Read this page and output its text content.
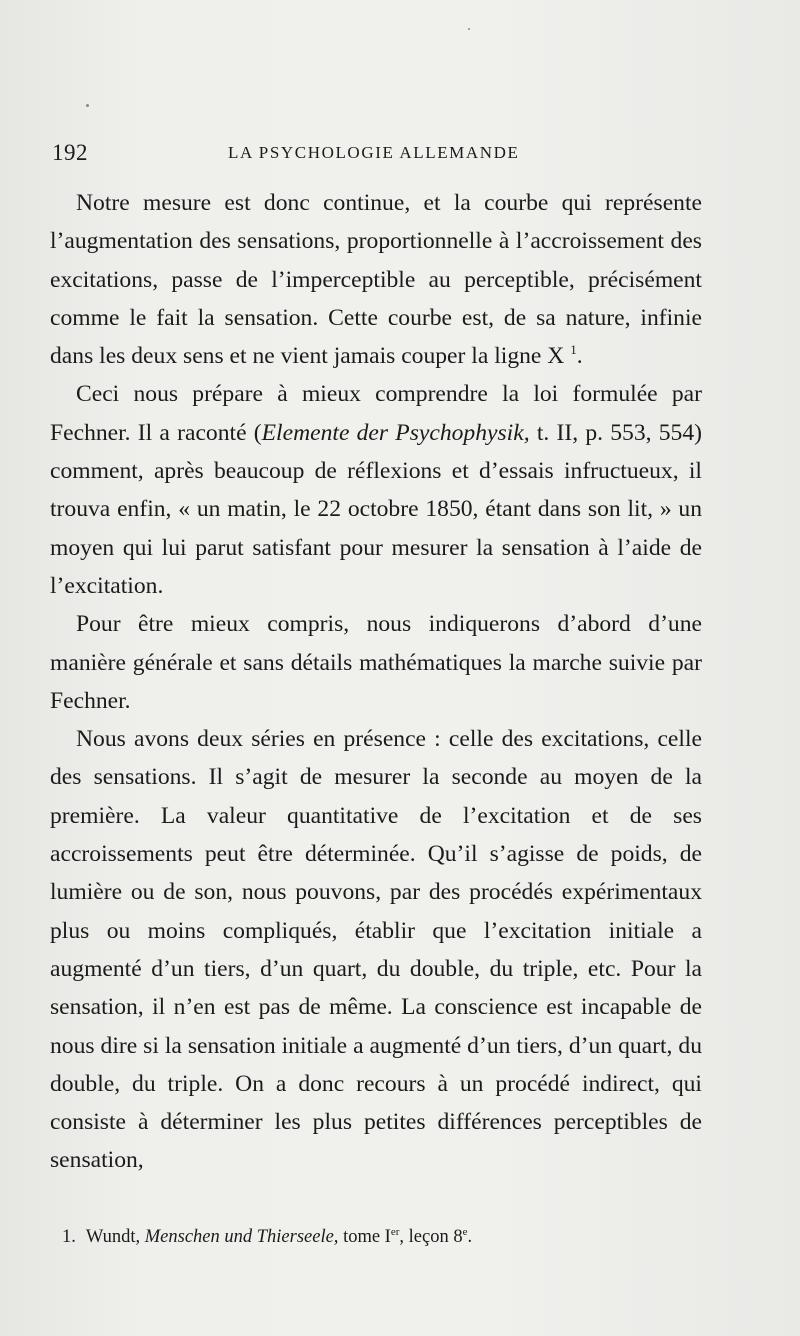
192	LA PSYCHOLOGIE ALLEMANDE

Notre mesure est donc continue, et la courbe qui représente l’augmentation des sensations, proportionnelle à l’accroissement des excitations, passe de l’imperceptible au perceptible, précisément comme le fait la sensation. Cette courbe est, de sa nature, infinie dans les deux sens et ne vient jamais couper la ligne X $^1$.

Ceci nous prépare à mieux comprendre la loi formulée par Fechner. Il a raconté (Elemente der Psychophysik, t. II, p. 553, 554) comment, après beaucoup de réflexions et d’essais infructueux, il trouva enfin, « un matin, le 22 octobre 1850, étant dans son lit, » un moyen qui lui parut satisfant pour mesurer la sensation à l’aide de l’excitation.

Pour être mieux compris, nous indiquerons d’abord d’une manière générale et sans détails mathématiques la marche suivie par Fechner.

Nous avons deux séries en présence : celle des excitations, celle des sensations. Il s’agit de mesurer la seconde au moyen de la première. La valeur quantitative de l’excitation et de ses accroissements peut être déterminée. Qu’il s’agisse de poids, de lumière ou de son, nous pouvons, par des procédés expérimentaux plus ou moins compliqués, établir que l’excitation initiale a augmenté d’un tiers, d’un quart, du double, du triple, etc. Pour la sensation, il n’en est pas de même. La conscience est incapable de nous dire si la sensation initiale a augmenté d’un tiers, d’un quart, du double, du triple. On a donc recours à un procédé indirect, qui consiste à déterminer les plus petites différences perceptibles de sensation,

1. Wundt, Menschen und Thierseele, tome Ier, leçon 8e.
